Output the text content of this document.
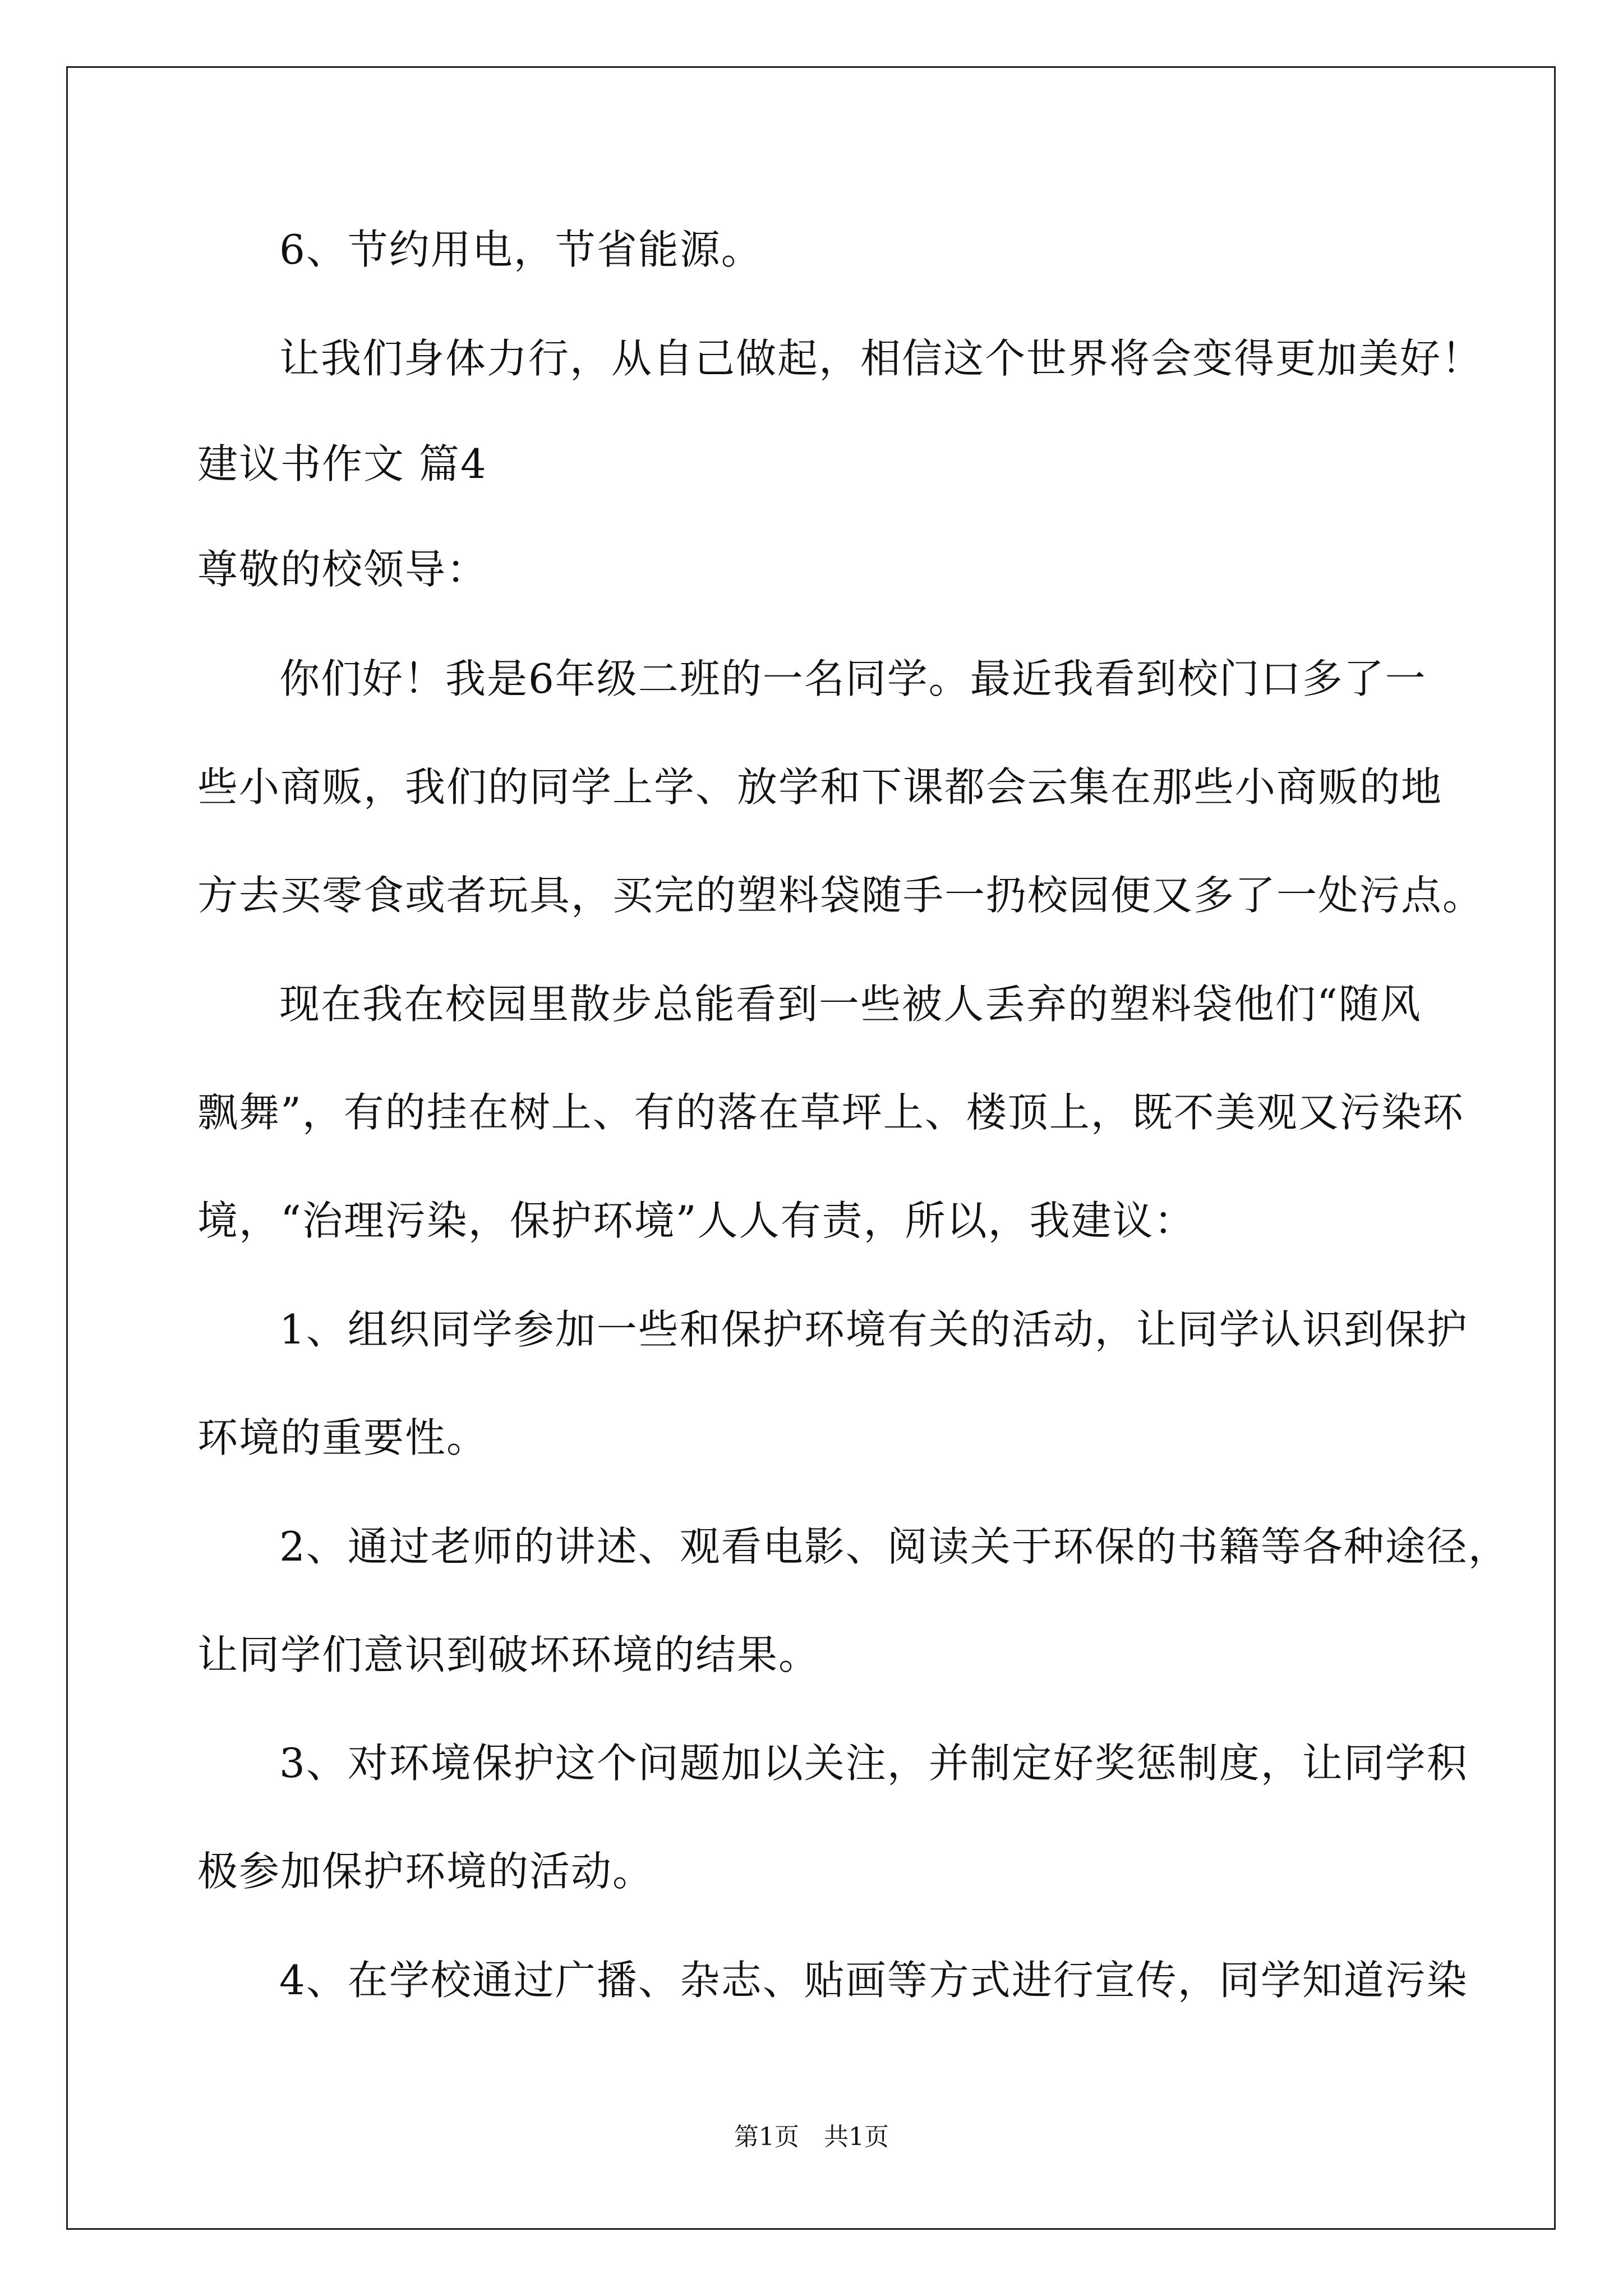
6、节约用电，节省能源。
让我们身体力行，从自己做起，相信这个世界将会变得更加美好！
建议书作文 篇4
尊敬的校领导：
你们好！我是6年级二班的一名同学。最近我看到校门口多了一
些小商贩，我们的同学上学、放学和下课都会云集在那些小商贩的地
方去买零食或者玩具，买完的塑料袋随手一扔校园便又多了一处污点。
现在我在校园里散步总能看到一些被人丢弃的塑料袋他们“随风
飘舞”，有的挂在树上、有的落在草坪上、楼顶上，既不美观又污染环
境，“治理污染，保护环境”人人有责，所以，我建议：
1、组织同学参加一些和保护环境有关的活动，让同学认识到保护
环境的重要性。
2、通过老师的讲述、观看电影、阅读关于环保的书籍等各种途径，
让同学们意识到破坏环境的结果。
3、对环境保护这个问题加以关注，并制定好奖惩制度，让同学积
极参加保护环境的活动。
4、在学校通过广播、杂志、贴画等方式进行宣传，同学知道污染
第1页　共1页
